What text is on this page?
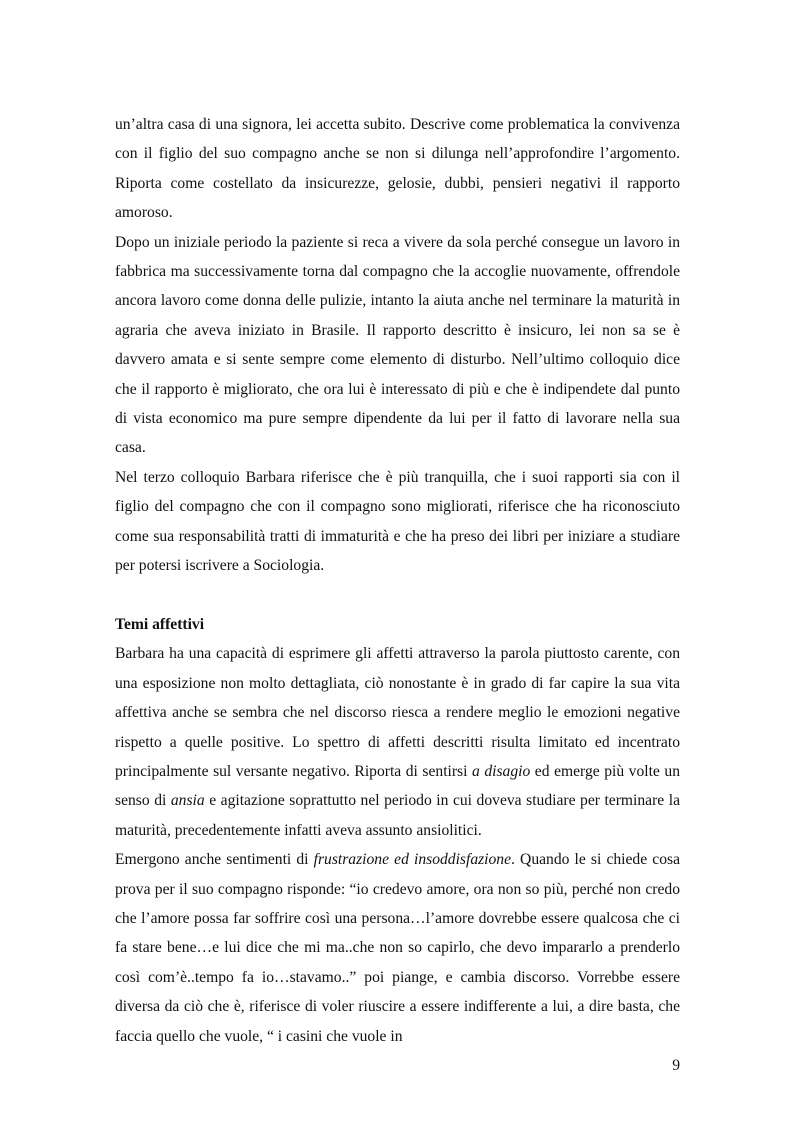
un’altra casa di una signora, lei accetta subito. Descrive come problematica la convivenza con il figlio del suo compagno anche se non si dilunga nell’approfondire l’argomento. Riporta come costellato da insicurezze, gelosie, dubbi, pensieri negativi il rapporto amoroso.

Dopo un iniziale periodo la paziente si reca a vivere da sola perché consegue un lavoro in fabbrica ma successivamente torna dal compagno che la accoglie nuovamente, offrendole ancora lavoro come donna delle pulizie, intanto la aiuta anche nel terminare la maturità in agraria che aveva iniziato in Brasile. Il rapporto descritto è insicuro, lei non sa se è davvero amata e si sente sempre come elemento di disturbo. Nell’ultimo colloquio dice che il rapporto è migliorato, che ora lui è interessato di più e che è indipendete dal punto di vista economico ma pure sempre dipendente da lui per il fatto di lavorare nella sua casa.

Nel terzo colloquio Barbara riferisce che è più tranquilla, che i suoi rapporti sia con il figlio del compagno che con il compagno sono migliorati, riferisce che ha riconosciuto come sua responsabilità tratti di immaturità e che ha preso dei libri per iniziare a studiare per potersi iscrivere a Sociologia.

Temi affettivi

Barbara ha una capacità di esprimere gli affetti attraverso la parola piuttosto carente, con una esposizione non molto dettagliata, ciò nonostante è in grado di far capire la sua vita affettiva anche se sembra che nel discorso riesca a rendere meglio le emozioni negative rispetto a quelle positive. Lo spettro di affetti descritti risulta limitato ed incentrato principalmente sul versante negativo. Riporta di sentirsi a disagio ed emerge più volte un senso di ansia e agitazione soprattutto nel periodo in cui doveva studiare per terminare la maturità, precedentemente infatti aveva assunto ansiolitici.

Emergono anche sentimenti di frustrazione ed insoddisfazione. Quando le si chiede cosa prova per il suo compagno risponde: “io credevo amore, ora non so più, perché non credo che l’amore possa far soffrire così una persona…l’amore dovrebbe essere qualcosa che ci fa stare bene…e lui dice che mi ma..che non so capirlo, che devo impararlo a prenderlo così com’è..tempo fa io…stavamo..” poi piange, e cambia discorso. Vorrebbe essere diversa da ciò che è, riferisce di voler riuscire a essere indifferente a lui, a dire basta, che faccia quello che vuole, “ i casini che vuole in

9
